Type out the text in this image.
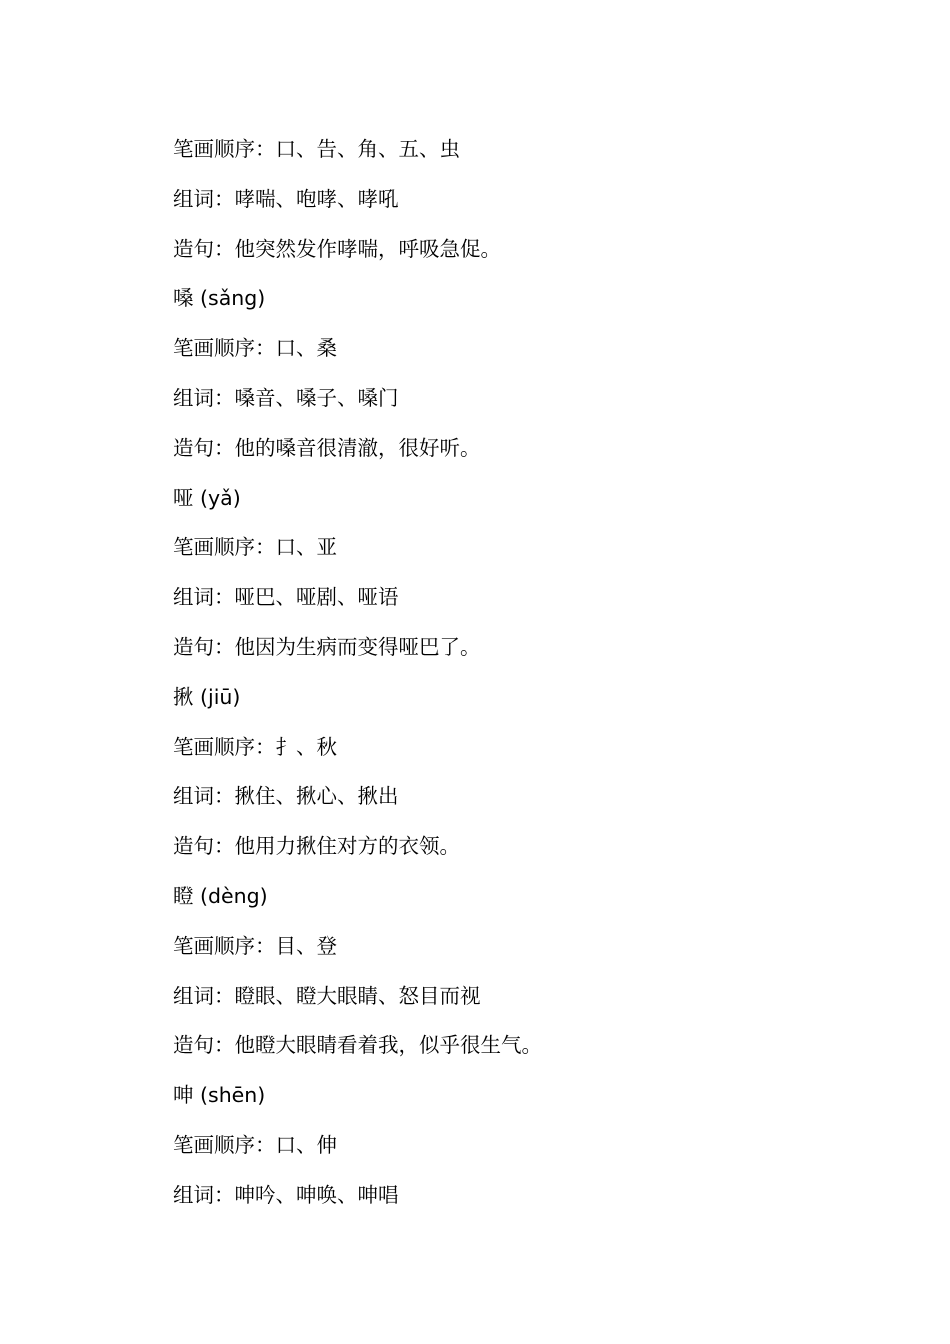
笔画顺序：口、告、角、五、虫
组词：哮喘、咆哮、哮吼
造句：他突然发作哮喘，呼吸急促。
嗓 (sǎng)
笔画顺序：口、桑
组词：嗓音、嗓子、嗓门
造句：他的嗓音很清澈，很好听。
哑 (yǎ)
笔画顺序：口、亚
组词：哑巴、哑剧、哑语
造句：他因为生病而变得哑巴了。
揪 (jiū)
笔画顺序：扌、秋
组词：揪住、揪心、揪出
造句：他用力揪住对方的衣领。
瞪 (dèng)
笔画顺序：目、登
组词：瞪眼、瞪大眼睛、怒目而视
造句：他瞪大眼睛看着我，似乎很生气。
呻 (shēn)
笔画顺序：口、伸
组词：呻吟、呻唤、呻唱
